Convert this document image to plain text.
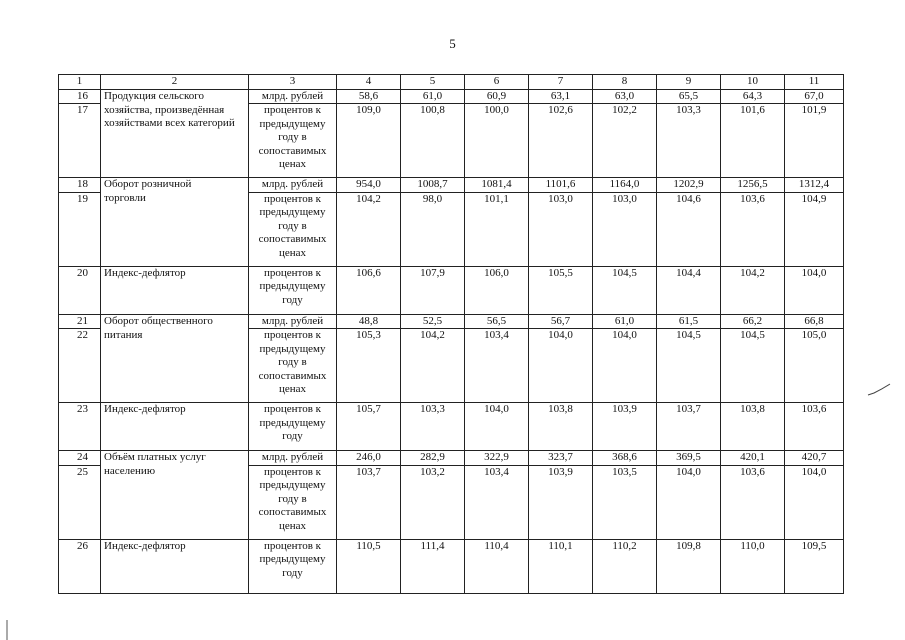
5
1	2	3	4	5	6	7	8	9	10	11
16	Продукция сельского	млрд. рублей	58,6	61,0	60,9	63,1	63,0	65,5	64,3	67,0
17	хозяйства, произведённая хозяйствами всех категорий	процентов к предыдущему году в сопоставимых ценах	109,0	100,8	100,0	102,6	102,2	103,3	101,6	101,9
18	Оборот розничной	млрд. рублей	954,0	1008,7	1081,4	1101,6	1164,0	1202,9	1256,5	1312,4
19	торговли	процентов к предыдущему году в сопоставимых ценах	104,2	98,0	101,1	103,0	103,0	104,6	103,6	104,9
20	Индекс-дефлятор	процентов к предыдущему году	106,6	107,9	106,0	105,5	104,5	104,4	104,2	104,0
21	Оборот общественного	млрд. рублей	48,8	52,5	56,5	56,7	61,0	61,5	66,2	66,8
22	питания	процентов к предыдущему году в сопоставимых ценах	105,3	104,2	103,4	104,0	104,0	104,5	104,5	105,0
23	Индекс-дефлятор	процентов к предыдущему году	105,7	103,3	104,0	103,8	103,9	103,7	103,8	103,6
24	Объём платных услуг	млрд. рублей	246,0	282,9	322,9	323,7	368,6	369,5	420,1	420,7
25	населению	процентов к предыдущему году в сопоставимых ценах	103,7	103,2	103,4	103,9	103,5	104,0	103,6	104,0
26	Индекс-дефлятор	процентов к предыдущему году	110,5	111,4	110,4	110,1	110,2	109,8	110,0	109,5
